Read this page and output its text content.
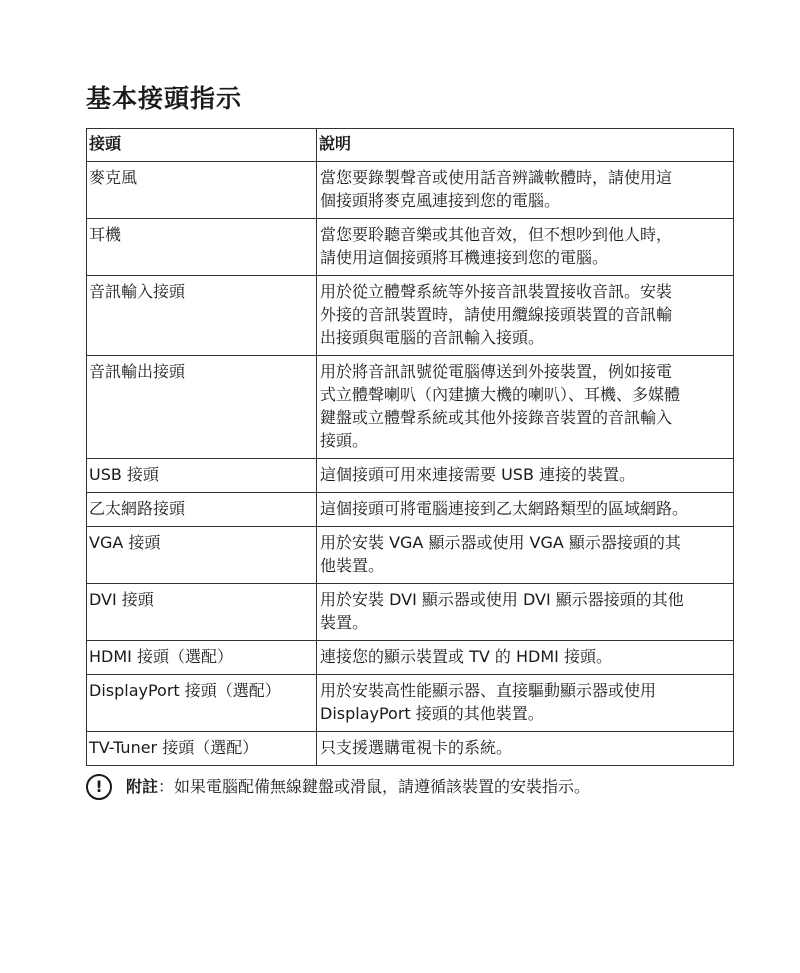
基本接頭指示
接頭	說明
麥克風	當您要錄製聲音或使用話音辨識軟體時，請使用這
個接頭將麥克風連接到您的電腦。
耳機	當您要聆聽音樂或其他音效，但不想吵到他人時，
請使用這個接頭將耳機連接到您的電腦。
音訊輸入接頭	用於從立體聲系統等外接音訊裝置接收音訊。安裝
外接的音訊裝置時，請使用纜線接頭裝置的音訊輸
出接頭與電腦的音訊輸入接頭。
音訊輸出接頭	用於將音訊訊號從電腦傳送到外接裝置，例如接電
式立體聲喇叭（內建擴大機的喇叭）、耳機、多媒體
鍵盤或立體聲系統或其他外接錄音裝置的音訊輸入
接頭。
USB 接頭	這個接頭可用來連接需要 USB 連接的裝置。
乙太網路接頭	這個接頭可將電腦連接到乙太網路類型的區域網路。
VGA 接頭	用於安裝 VGA 顯示器或使用 VGA 顯示器接頭的其
他裝置。
DVI 接頭	用於安裝 DVI 顯示器或使用 DVI 顯示器接頭的其他
裝置。
HDMI 接頭（選配）	連接您的顯示裝置或 TV 的 HDMI 接頭。
DisplayPort 接頭（選配）	用於安裝高性能顯示器、直接驅動顯示器或使用
DisplayPort 接頭的其他裝置。
TV-Tuner 接頭（選配）	只支援選購電視卡的系統。
!	附註 ： 如果電腦配備無線鍵盤或滑鼠，請遵循該裝置的安裝指示。
